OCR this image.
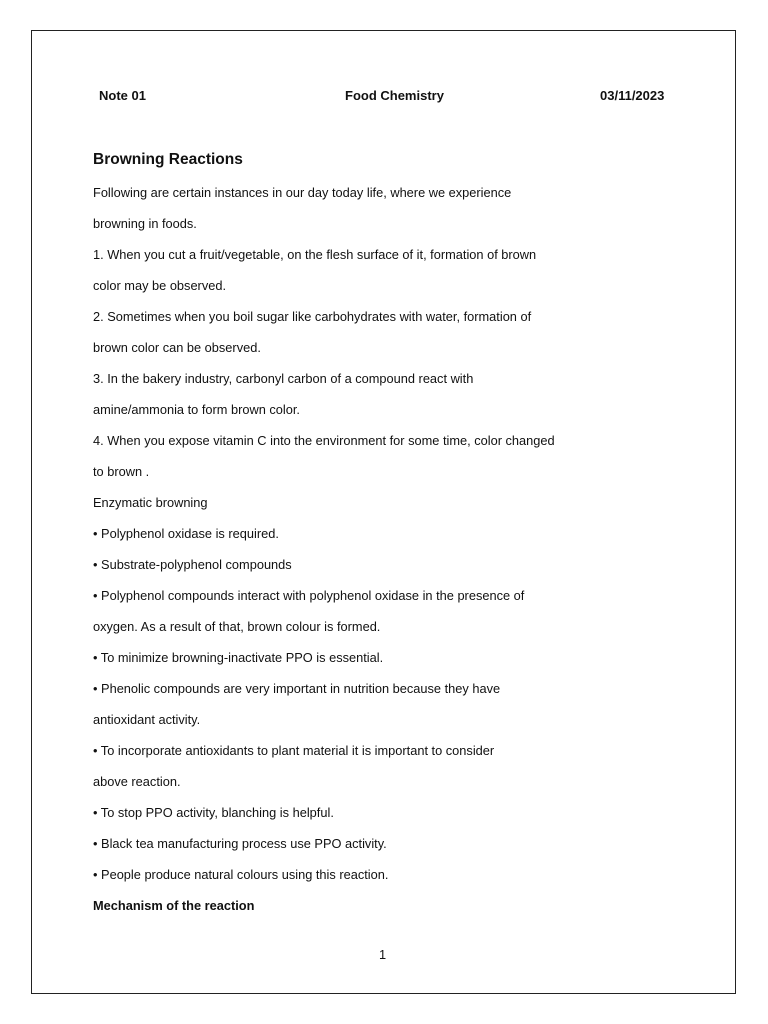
Note 01	Food Chemistry	03/11/2023
Browning Reactions
Following are certain instances in our day today life, where we experience
browning in foods.
1. When you cut a fruit/vegetable, on the flesh surface of it, formation of brown
color may be observed.
2. Sometimes when you boil sugar like carbohydrates with water, formation of
brown color can be observed.
3. In the bakery industry, carbonyl carbon of a compound react with
amine/ammonia to form brown color.
4. When you expose vitamin C into the environment for some time, color changed
to brown .
Enzymatic browning
• Polyphenol oxidase is required.
• Substrate-polyphenol compounds
• Polyphenol compounds interact with polyphenol oxidase in the presence of
oxygen. As a result of that, brown colour is formed.
• To minimize browning-inactivate PPO is essential.
• Phenolic compounds are very important in nutrition because they have
antioxidant activity.
• To incorporate antioxidants to plant material it is important to consider
above reaction.
• To stop PPO activity, blanching is helpful.
• Black tea manufacturing process use PPO activity.
• People produce natural colours using this reaction.
Mechanism of the reaction
1
